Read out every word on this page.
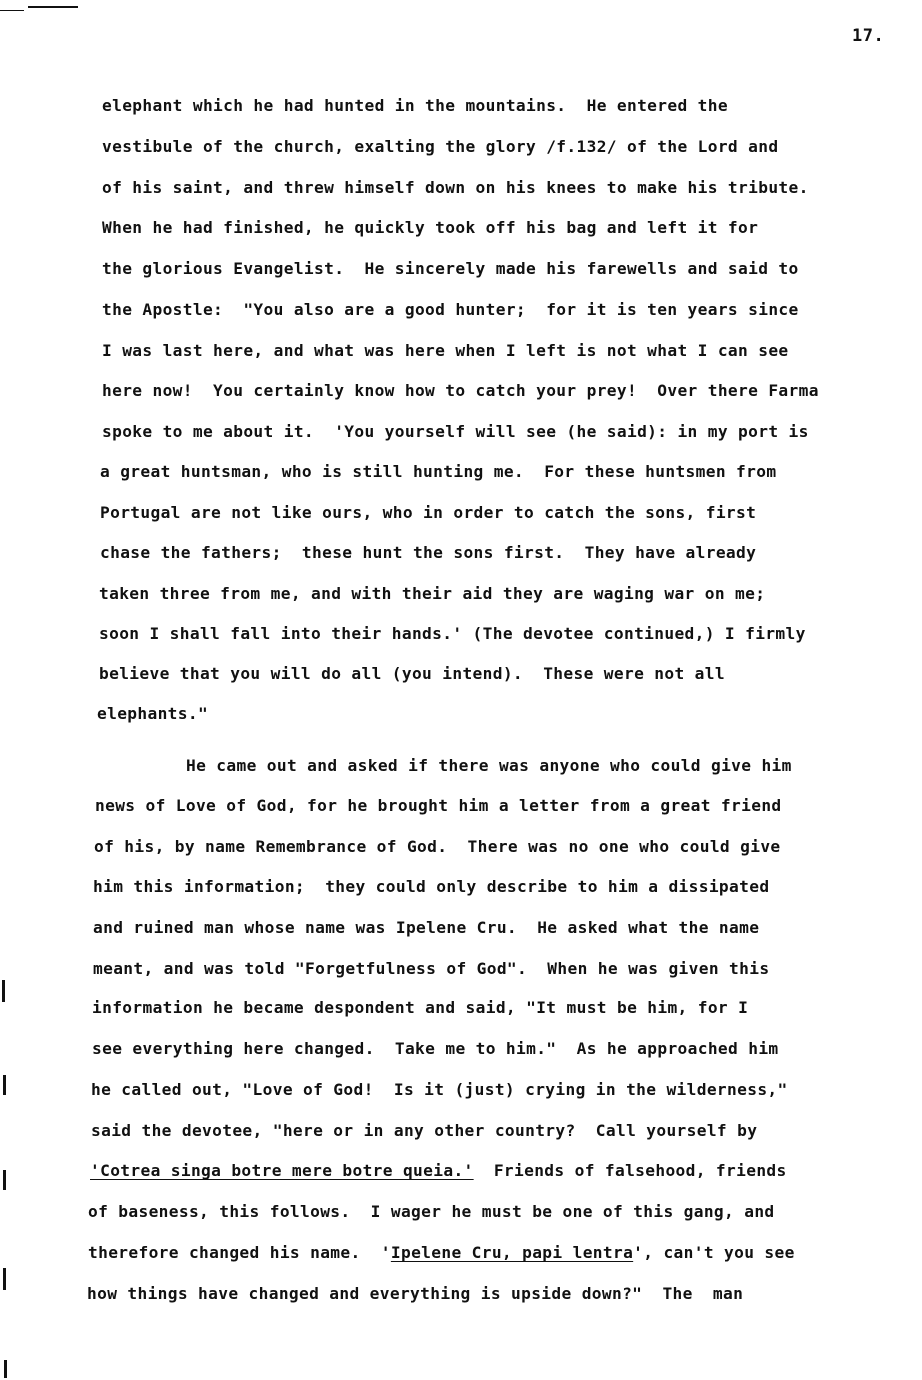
17.
elephant which he had hunted in the mountains.  He entered the
vestibule of the church, exalting the glory /f.132/ of the Lord and
of his saint, and threw himself down on his knees to make his tribute.
When he had finished, he quickly took off his bag and left it for
the glorious Evangelist.  He sincerely made his farewells and said to
the Apostle:  "You also are a good hunter;  for it is ten years since
I was last here, and what was here when I left is not what I can see
here now!  You certainly know how to catch your prey!  Over there Farma
spoke to me about it.  'You yourself will see (he said): in my port is
a great huntsman, who is still hunting me.  For these huntsmen from
Portugal are not like ours, who in order to catch the sons, first
chase the fathers;  these hunt the sons first.  They have already
taken three from me, and with their aid they are waging war on me;
soon I shall fall into their hands.' (The devotee continued,) I firmly
believe that you will do all (you intend).  These were not all
elephants."
He came out and asked if there was anyone who could give him
news of Love of God, for he brought him a letter from a great friend
of his, by name Remembrance of God.  There was no one who could give
him this information;  they could only describe to him a dissipated
and ruined man whose name was Ipelene Cru.  He asked what the name
meant, and was told "Forgetfulness of God".  When he was given this
information he became despondent and said, "It must be him, for I
see everything here changed.  Take me to him."  As he approached him
he called out, "Love of God!  Is it (just) crying in the wilderness,"
said the devotee, "here or in any other country?  Call yourself by
'Cotrea singa botre mere botre queia.'  Friends of falsehood, friends
of baseness, this follows.  I wager he must be one of this gang, and
therefore changed his name.  'Ipelene Cru, papi lentra', can't you see
how things have changed and everything is upside down?"  The  man
